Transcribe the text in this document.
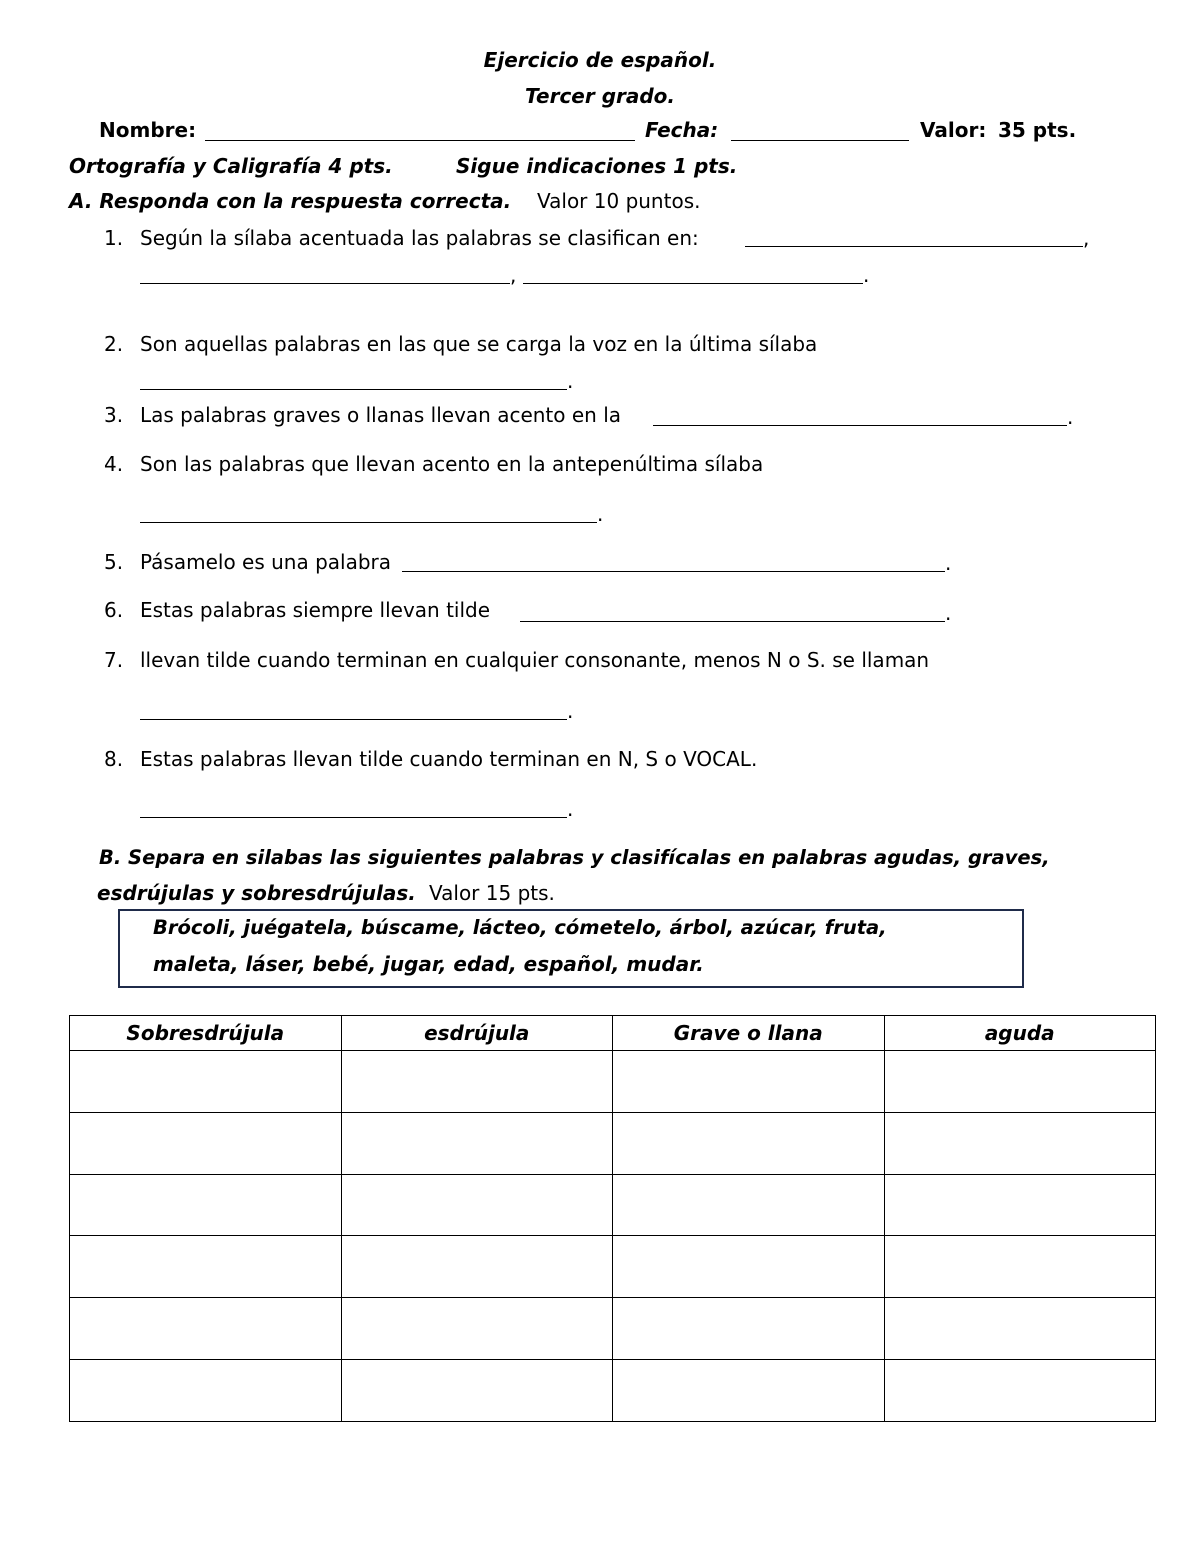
Ejercicio de español.
Tercer grado.
Nombre:	Fecha:	Valor: 35 pts.
Ortografía y Caligrafía 4 pts.	Sigue indicaciones 1 pts.
A. Responda con la respuesta correcta. Valor 10 puntos.
1. Según la sílaba acentuada las palabras se clasifican en:	,
,	.
2. Son aquellas palabras en las que se carga la voz en la última sílaba
.
3. Las palabras graves o llanas llevan acento en la	.
4. Son las palabras que llevan acento en la antepenúltima sílaba
.
5. Pásamelo es una palabra	.
6. Estas palabras siempre llevan tilde	.
7. llevan tilde cuando terminan en cualquier consonante, menos N o S. se llaman
.
8. Estas palabras llevan tilde cuando terminan en N, S o VOCAL.
.
B. Separa en silabas las siguientes palabras y clasifícalas en palabras agudas, graves,
esdrújulas y sobresdrújulas. Valor 15 pts.
Brócoli, juégatela, búscame, lácteo, cómetelo, árbol, azúcar, fruta,
maleta, láser, bebé, jugar, edad, español, mudar.
Sobresdrújula	esdrújula	Grave o llana	aguda
